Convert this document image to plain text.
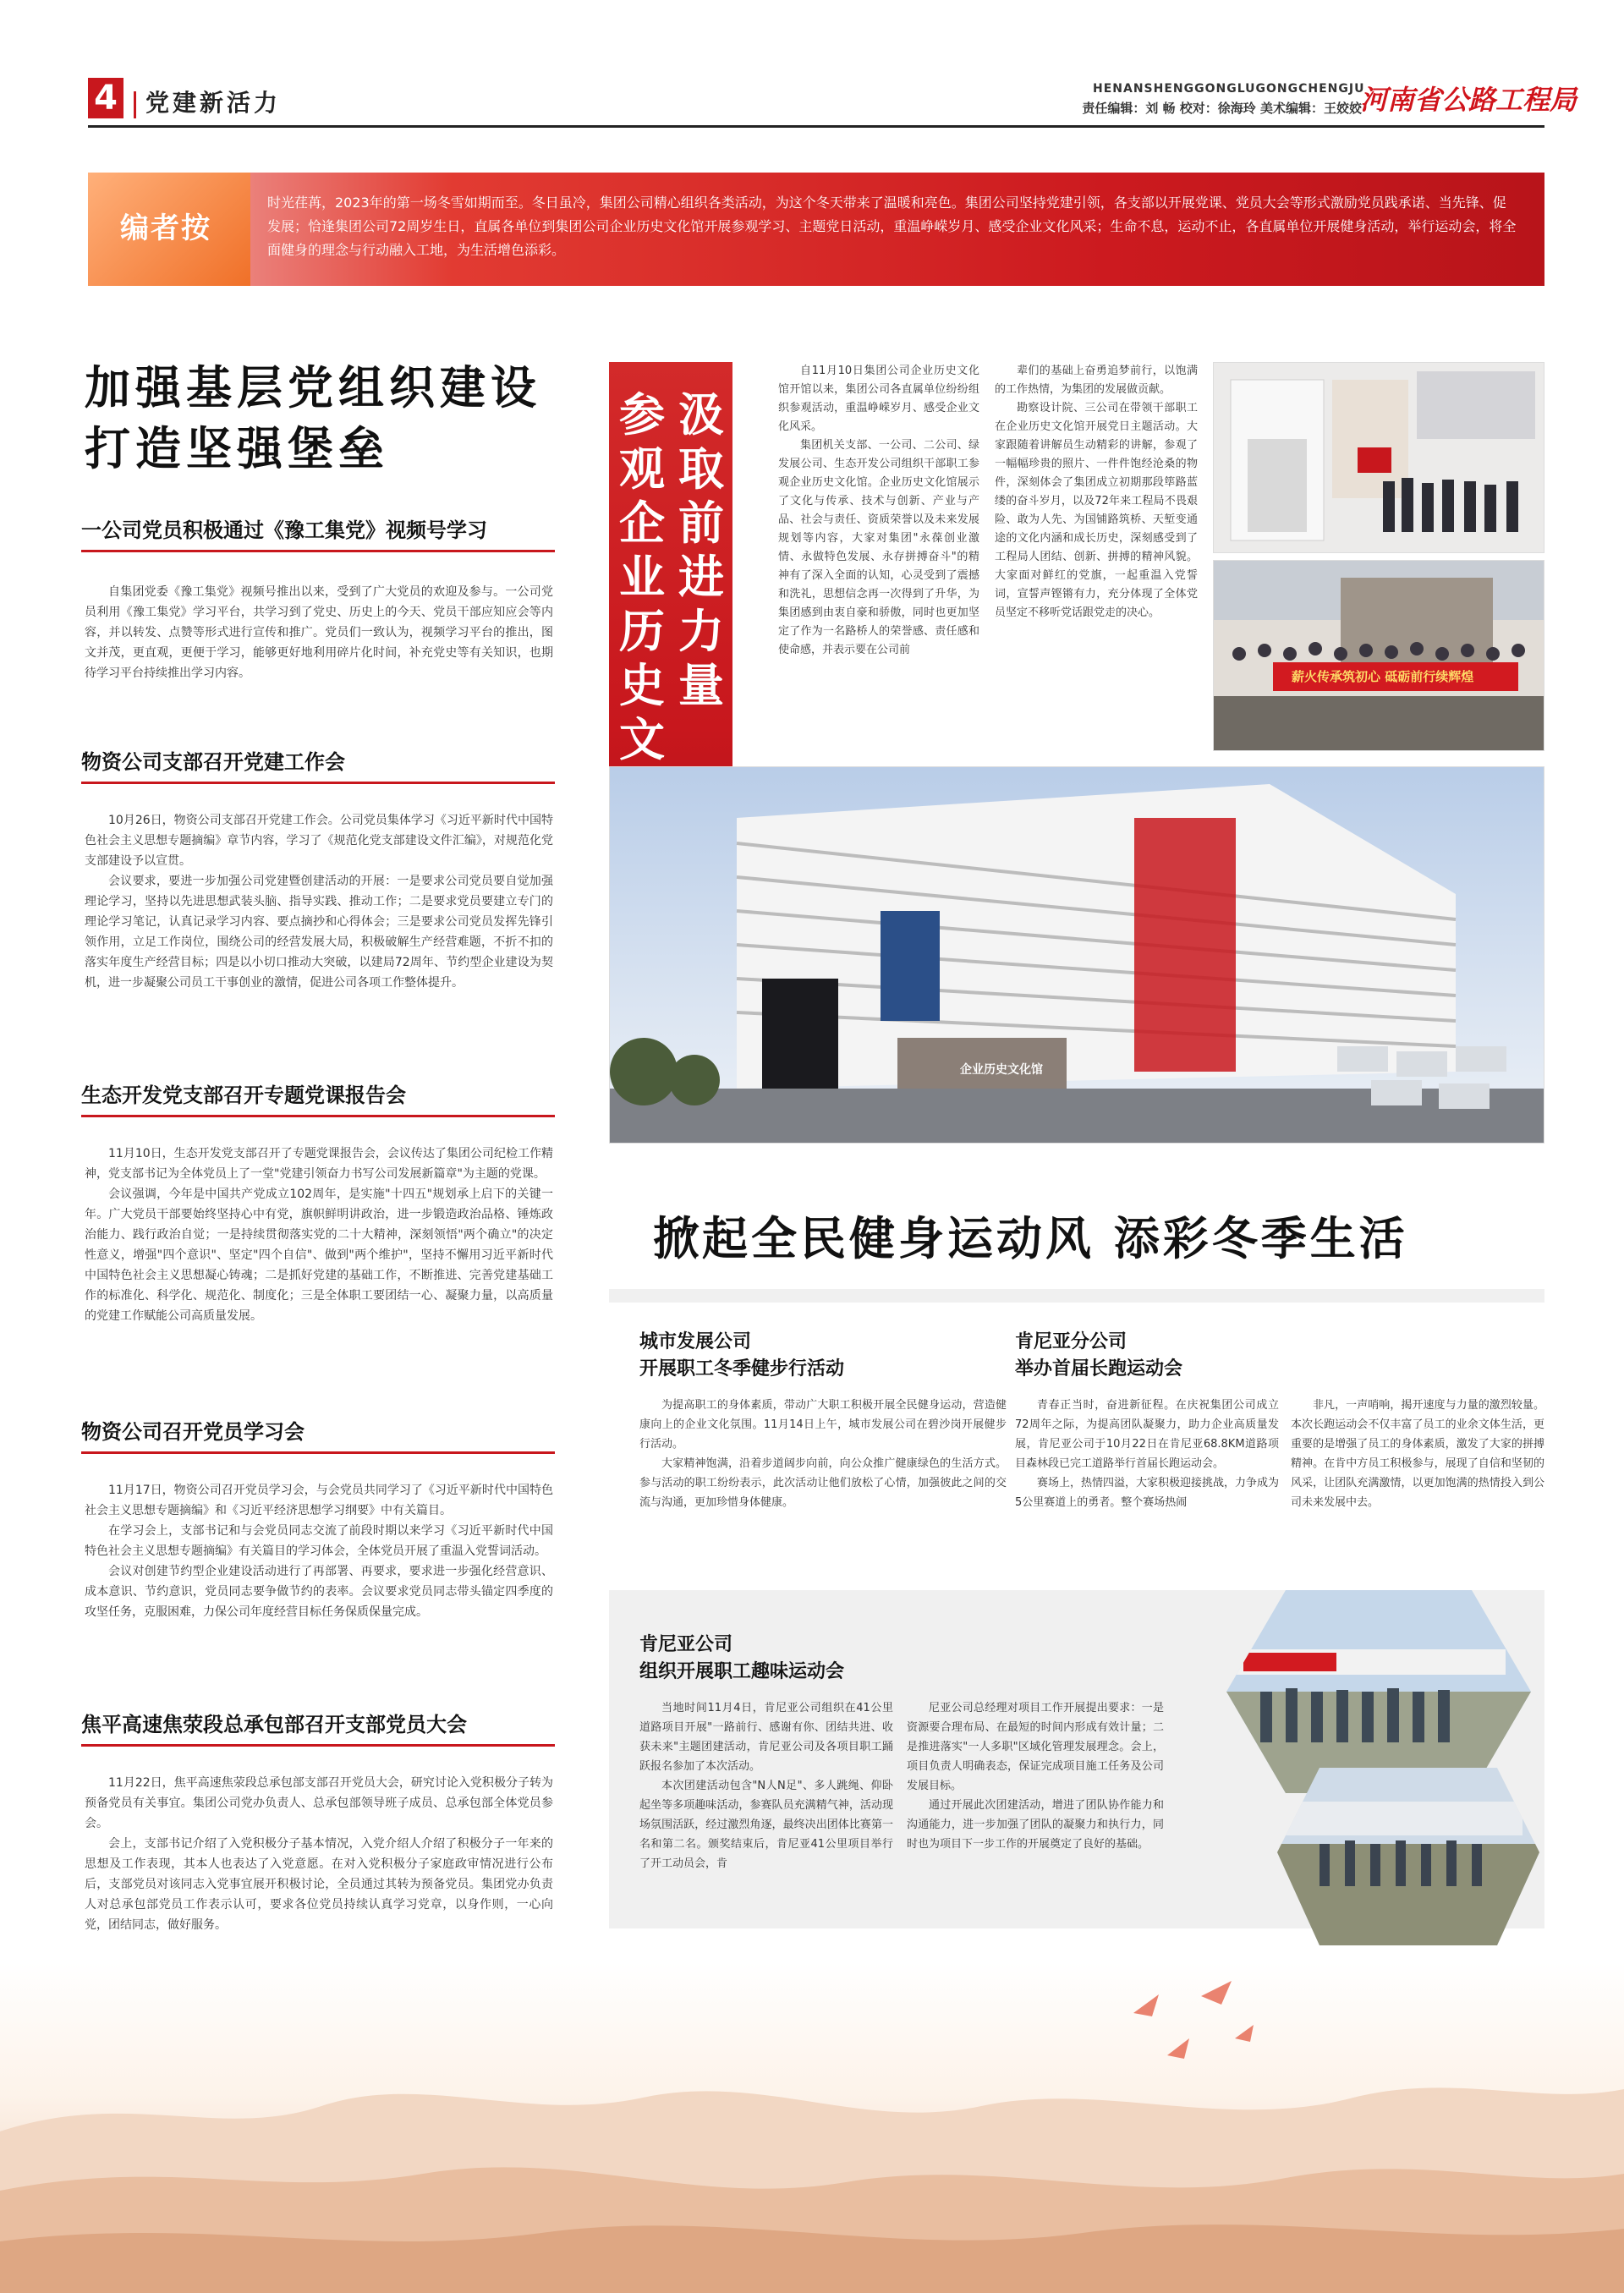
4 党建新活力	HENANSHENGGONGLUGONGCHENGJU
责任编辑：刘 畅 校对：徐海玲 美术编辑：王姣姣
河南省公路工程局
编者按
时光荏苒，2023年的第一场冬雪如期而至。冬日虽冷，集团公司精心组织各类活动，为这个冬天带来了温暖和亮色。集团公司坚持党建引领，各支部以开展党课、党员大会等形式激励党员践承诺、当先锋、促发展；恰逢集团公司72周岁生日，直属各单位到集团公司企业历史文化馆开展参观学习、主题党日活动，重温峥嵘岁月、感受企业文化风采；生命不息，运动不止，各直属单位开展健身活动，举行运动会，将全面健身的理念与行动融入工地，为生活增色添彩。
加强基层党组织建设
打造坚强堡垒
一公司党员积极通过《豫工集党》视频号学习

自集团党委《豫工集党》视频号推出以来，受到了广大党员的欢迎及参与。一公司党员利用《豫工集党》学习平台，共学习到了党史、历史上的今天、党员干部应知应会等内容，并以转发、点赞等形式进行宣传和推广。党员们一致认为，视频学习平台的推出，图文并茂，更直观，更便于学习，能够更好地利用碎片化时间，补充党史等有关知识，也期待学习平台持续推出学习内容。

物资公司支部召开党建工作会

10月26日，物资公司支部召开党建工作会。公司党员集体学习《习近平新时代中国特色社会主义思想专题摘编》章节内容，学习了《规范化党支部建设文件汇编》，对规范化党支部建设予以宣贯。

会议要求，要进一步加强公司党建暨创建活动的开展：一是要求公司党员要自觉加强理论学习，坚持以先进思想武装头脑、指导实践、推动工作；二是要求党员要建立专门的理论学习笔记，认真记录学习内容、要点摘抄和心得体会；三是要求公司党员发挥先锋引领作用，立足工作岗位，围绕公司的经营发展大局，积极破解生产经营难题，不折不扣的落实年度生产经营目标；四是以小切口推动大突破，以建局72周年、节约型企业建设为契机，进一步凝聚公司员工干事创业的激情，促进公司各项工作整体提升。

生态开发党支部召开专题党课报告会

11月10日，生态开发党支部召开了专题党课报告会，会议传达了集团公司纪检工作精神，党支部书记为全体党员上了一堂"党建引领奋力书写公司发展新篇章"为主题的党课。

会议强调，今年是中国共产党成立102周年，是实施"十四五"规划承上启下的关键一年。广大党员干部要始终坚持心中有党，旗帜鲜明讲政治，进一步锻造政治品格、锤炼政治能力、践行政治自觉；一是持续贯彻落实党的二十大精神，深刻领悟"两个确立"的决定性意义，增强"四个意识"、坚定"四个自信"、做到"两个维护"，坚持不懈用习近平新时代中国特色社会主义思想凝心铸魂；二是抓好党建的基础工作，不断推进、完善党建基础工作的标准化、科学化、规范化、制度化；三是全体职工要团结一心、凝聚力量，以高质量的党建工作赋能公司高质量发展。

物资公司召开党员学习会

11月17日，物资公司召开党员学习会，与会党员共同学习了《习近平新时代中国特色社会主义思想专题摘编》和《习近平经济思想学习纲要》中有关篇目。

在学习会上，支部书记和与会党员同志交流了前段时期以来学习《习近平新时代中国特色社会主义思想专题摘编》有关篇目的学习体会，全体党员开展了重温入党誓词活动。

会议对创建节约型企业建设活动进行了再部署、再要求，要求进一步强化经营意识、成本意识、节约意识，党员同志要争做节约的表率。会议要求党员同志带头锚定四季度的攻坚任务，克服困难，力保公司年度经营目标任务保质保量完成。

焦平高速焦荥段总承包部召开支部党员大会

11月22日，焦平高速焦荥段总承包部支部召开党员大会，研究讨论入党积极分子转为预备党员有关事宜。集团公司党办负责人、总承包部领导班子成员、总承包部全体党员参会。

会上，支部书记介绍了入党积极分子基本情况，入党介绍人介绍了积极分子一年来的思想及工作表现，其本人也表达了入党意愿。在对入党积极分子家庭政审情况进行公布后，支部党员对该同志入党事宜展开积极讨论，全员通过其转为预备党员。集团党办负责人对总承包部党员工作表示认可，要求各位党员持续认真学习党章，以身作则，一心向党，团结同志，做好服务。

汲取前进力量
参观企业历史文

自11月10日集团公司企业历史文化馆开馆以来，集团公司各直属单位纷纷组织参观活动，重温峥嵘岁月、感受企业文化风采。

集团机关支部、一公司、二公司、绿发展公司、生态开发公司组织干部职工参观企业历史文化馆。企业历史文化馆展示了文化与传承、技术与创新、产业与产品、社会与责任、资质荣誉以及未来发展规划等内容，大家对集团"永葆创业激情、永做特色发展、永存拼搏奋斗"的精神有了深入全面的认知，心灵受到了震撼和洗礼，思想信念再一次得到了升华，为集团感到由衷自豪和骄傲，同时也更加坚定了作为一名路桥人的荣誉感、责任感和使命感，并表示要在公司前

辈们的基础上奋勇追梦前行，以饱满的工作热情，为集团的发展做贡献。

勘察设计院、三公司在带领干部职工在企业历史文化馆开展党日主题活动。大家跟随着讲解员生动精彩的讲解，参观了一幅幅珍贵的照片、一件件饱经沧桑的物件，深刻体会了集团成立初期那段筚路蓝缕的奋斗岁月，以及72年来工程局不畏艰险、敢为人先、为国铺路筑桥、天堑变通途的文化内涵和成长历史，深刻感受到了工程局人团结、创新、拼搏的精神风貌。大家面对鲜红的党旗，一起重温入党誓词，宣誓声铿锵有力，充分体现了全体党员坚定不移听党话跟党走的决心。

薪火传承筑初心 砥砺前行续辉煌
企业历史文化馆
掀起全民健身运动风 添彩冬季生活
城市发展公司
开展职工冬季健步行活动

为提高职工的身体素质，带动广大职工积极开展全民健身运动，营造健康向上的企业文化氛围。11月14日上午，城市发展公司在碧沙岗开展健步行活动。

大家精神饱满，沿着步道阔步向前，向公众推广健康绿色的生活方式。参与活动的职工纷纷表示，此次活动让他们放松了心情，加强彼此之间的交流与沟通，更加珍惜身体健康。

肯尼亚分公司
举办首届长跑运动会

青春正当时，奋进新征程。在庆祝集团公司成立72周年之际，为提高团队凝聚力，助力企业高质量发展，肯尼亚公司于10月22日在肯尼亚68.8KM道路项目森林段已完工道路举行首届长跑运动会。

赛场上，热情四溢，大家积极迎接挑战，力争成为5公里赛道上的勇者。整个赛场热闹

非凡，一声哨响，揭开速度与力量的激烈较量。本次长跑运动会不仅丰富了员工的业余文体生活，更重要的是增强了员工的身体素质，激发了大家的拼搏精神。在肯中方员工积极参与，展现了自信和坚韧的风采，让团队充满激情，以更加饱满的热情投入到公司未来发展中去。

肯尼亚公司
组织开展职工趣味运动会

当地时间11月4日，肯尼亚公司组织在41公里道路项目开展"一路前行、感谢有你、团结共进、收获未来"主题团建活动，肯尼亚公司及各项目职工踊跃报名参加了本次活动。

本次团建活动包含"N人N足"、多人跳绳、仰卧起坐等多项趣味活动，参赛队员充满精气神，活动现场氛围活跃，经过激烈角逐，最终决出团体比赛第一名和第二名。颁奖结束后，肯尼亚41公里项目举行了开工动员会，肯

尼亚公司总经理对项目工作开展提出要求：一是资源要合理布局、在最短的时间内形成有效计量；二是推进落实"一人多职"区域化管理发展理念。会上，项目负责人明确表态，保证完成项目施工任务及公司发展目标。

通过开展此次团建活动，增进了团队协作能力和沟通能力，进一步加强了团队的凝聚力和执行力，同时也为项目下一步工作的开展奠定了良好的基础。
